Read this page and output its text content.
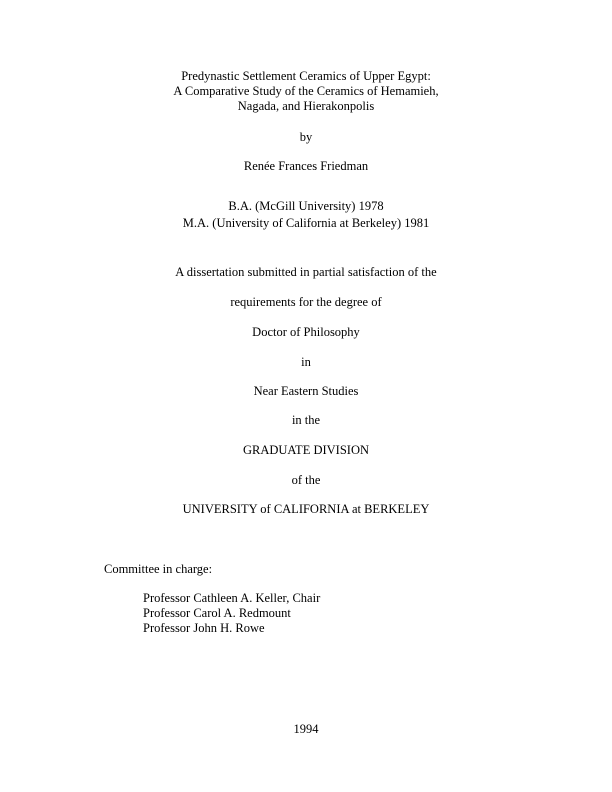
Predynastic Settlement Ceramics of Upper Egypt:
A Comparative Study of the Ceramics of Hemamieh,
Nagada, and Hierakonpolis
by
Renée Frances Friedman
B.A. (McGill University) 1978
M.A. (University of California at Berkeley) 1981
A dissertation submitted in partial satisfaction of the
requirements for the degree of
Doctor of Philosophy
in
Near Eastern Studies
in the
GRADUATE DIVISION
of the
UNIVERSITY of CALIFORNIA at BERKELEY
Committee in charge:
Professor Cathleen A. Keller, Chair
Professor Carol A. Redmount
Professor John H. Rowe
1994
